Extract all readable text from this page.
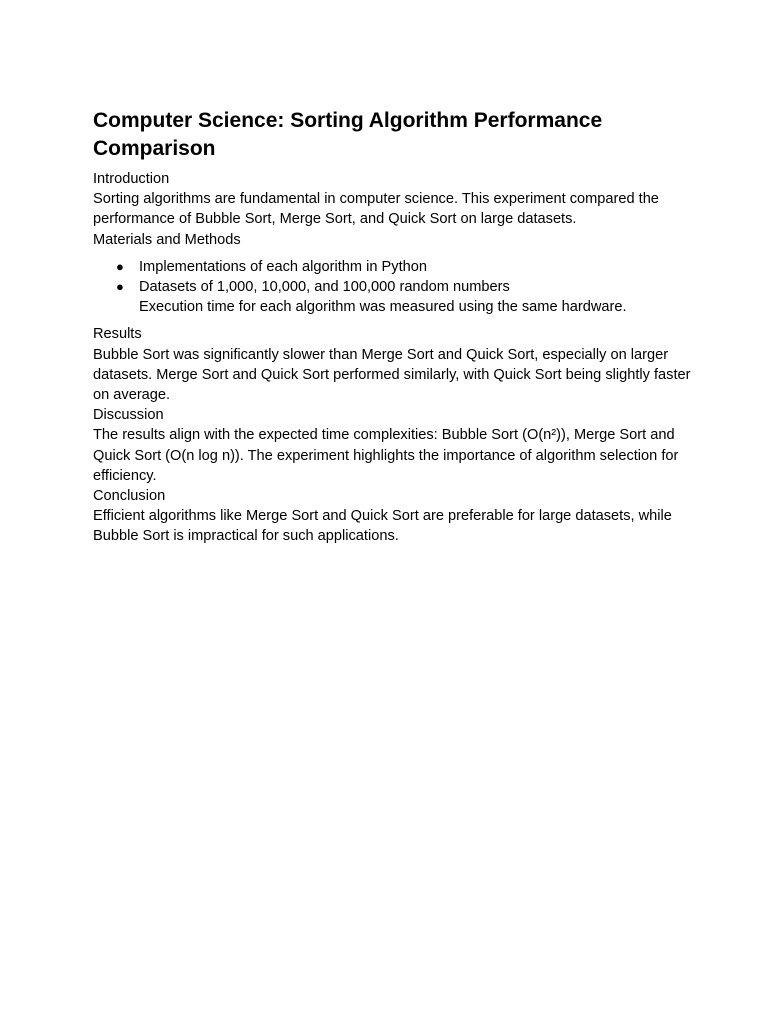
Computer Science: Sorting Algorithm Performance Comparison
Introduction

Sorting algorithms are fundamental in computer science. This experiment compared the performance of Bubble Sort, Merge Sort, and Quick Sort on large datasets.

Materials and Methods
● Implementations of each algorithm in Python
● Datasets of 1,000, 10,000, and 100,000 random numbers

Execution time for each algorithm was measured using the same hardware.

Results

Bubble Sort was significantly slower than Merge Sort and Quick Sort, especially on larger datasets. Merge Sort and Quick Sort performed similarly, with Quick Sort being slightly faster on average.

Discussion

The results align with the expected time complexities: Bubble Sort (O(n²)), Merge Sort and Quick Sort (O(n log n)). The experiment highlights the importance of algorithm selection for efficiency.

Conclusion

Efficient algorithms like Merge Sort and Quick Sort are preferable for large datasets, while Bubble Sort is impractical for such applications.
